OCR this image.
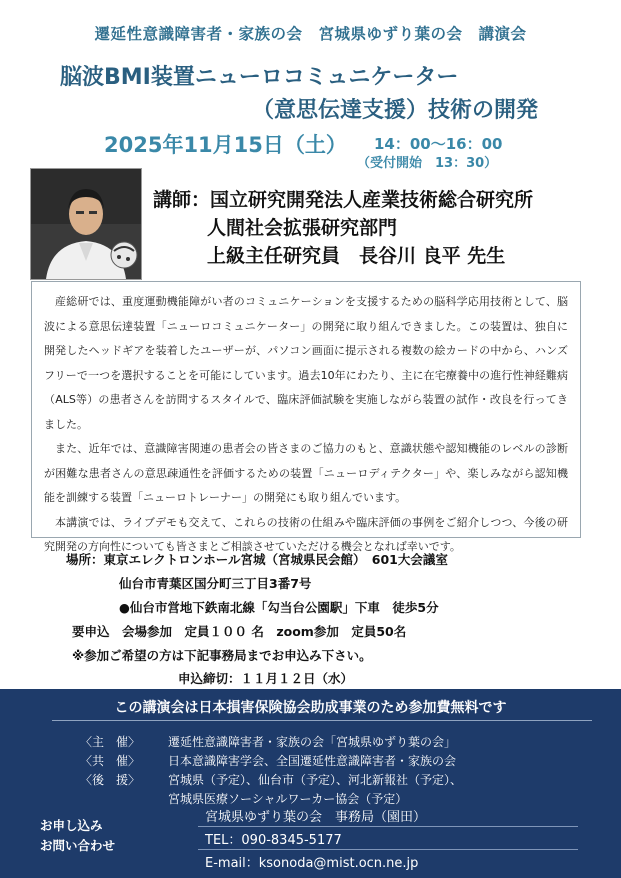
遷延性意識障害者・家族の会　宮城県ゆずり葉の会　講演会
脳波BMI装置ニューロコミュニケーター
（意思伝達支援）技術の開発
2025年11月15日（土） 14：00～16：00
（受付開始　13：30）
講師：国立研究開発法人産業技術総合研究所
人間社会拡張研究部門
上級主任研究員　長谷川 良平 先生

産総研では、重度運動機能障がい者のコミュニケーションを支援するための脳科学応用技術として、脳波による意思伝達装置「ニューロコミュニケーター」の開発に取り組んできました。この装置は、独自に開発したヘッドギアを装着したユーザーが、パソコン画面に提示される複数の絵カードの中から、ハンズフリーで一つを選択することを可能にしています。過去10年にわたり、主に在宅療養中の進行性神経難病（ALS等）の患者さんを訪問するスタイルで、臨床評価試験を実施しながら装置の試作・改良を行ってきました。

また、近年では、意識障害関連の患者会の皆さまのご協力のもと、意識状態や認知機能のレベルの診断が困難な患者さんの意思疎通性を評価するための装置「ニューロディテクター」や、楽しみながら認知機能を訓練する装置「ニューロトレーナー」の開発にも取り組んでいます。

本講演では、ライブデモも交えて、これらの技術の仕組みや臨床評価の事例をご紹介しつつ、今後の研究開発の方向性についても皆さまとご相談させていただける機会となれば幸いです。

場所：東京エレクトロンホール宮城（宮城県民会館）　601大会議室
仙台市青葉区国分町三丁目3番7号
●仙台市営地下鉄南北線「勾当台公園駅」下車　徒歩5分
要申込　会場参加　定員１００ 名　zoom参加　定員50名
※参加ご希望の方は下記事務局までお申込み下さい。
申込締切：１１月１２日（水）
この講演会は日本損害保険協会助成事業のため参加費無料です
〈主　催〉 遷延性意識障害者・家族の会「宮城県ゆずり葉の会」
〈共　催〉 日本意識障害学会、全国遷延性意識障害者・家族の会
〈後　援〉 宮城県（予定）、仙台市（予定）、河北新報社（予定）、
宮城県医療ソーシャルワーカー協会（予定）
お申し込み
お問い合わせ
宮城県ゆずり葉の会　事務局（園田）
TEL：090-8345-5177
E-mail：ksonoda@mist.ocn.ne.jp
